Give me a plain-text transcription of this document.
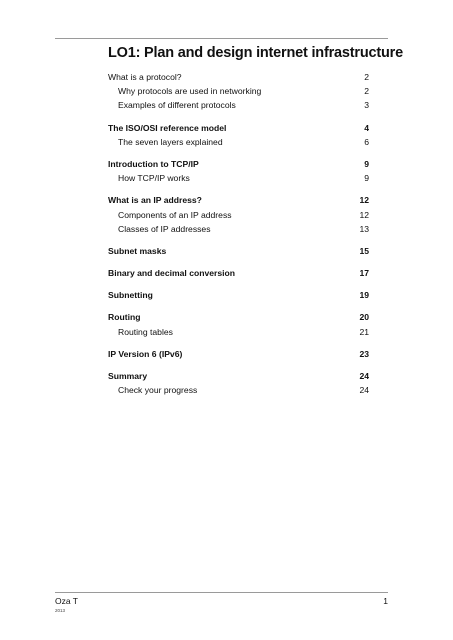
LO1: Plan and design internet infrastructure
What is a protocol?	2
Why protocols are used in networking	2
Examples of different protocols	3
The ISO/OSI reference model	4
The seven layers explained	6
Introduction to TCP/IP	9
How TCP/IP works	9
What is an IP address?	12
Components of an IP address	12
Classes of IP addresses	13
Subnet masks	15
Binary and decimal conversion	17
Subnetting	19
Routing	20
Routing tables	21
IP Version 6 (IPv6)	23
Summary	24
Check your progress	24
Oza T
2013
1
